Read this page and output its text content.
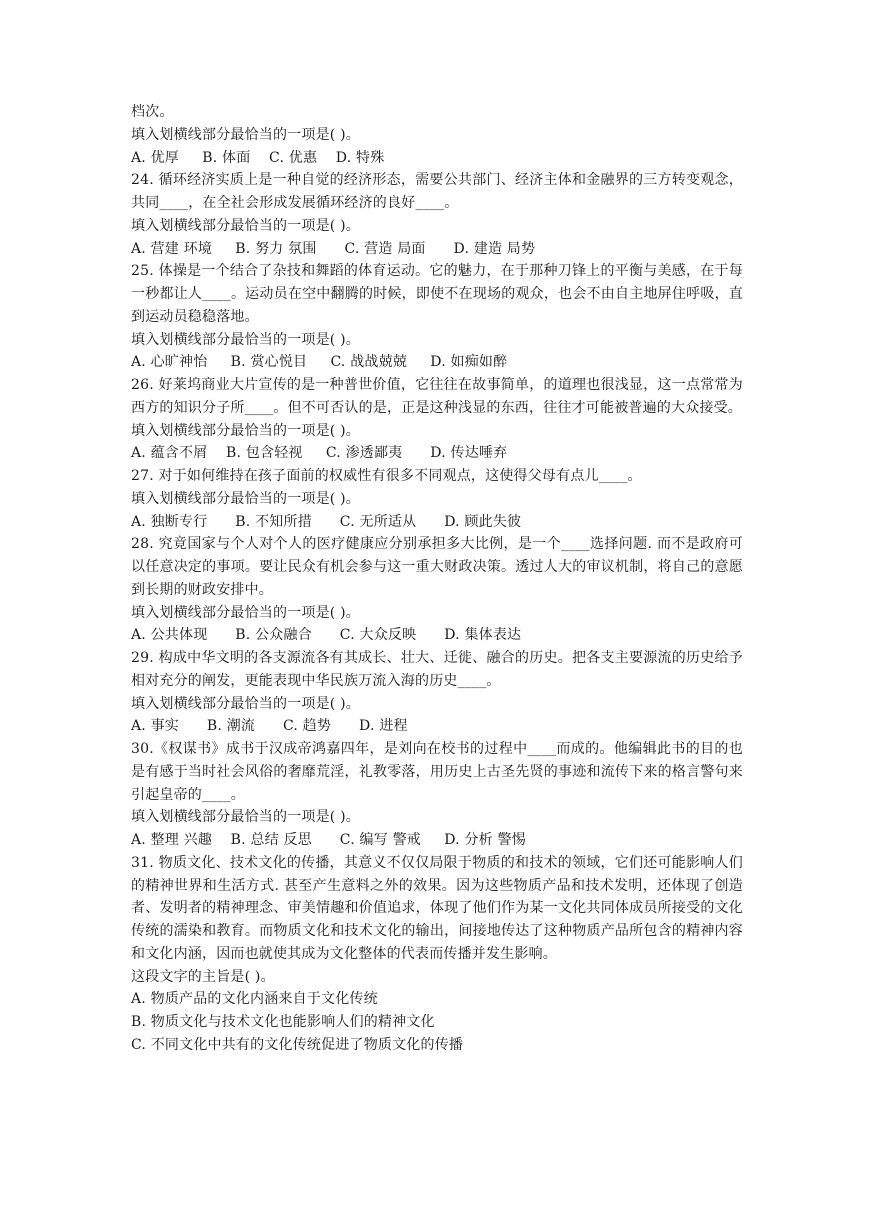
档次。
填入划横线部分最恰当的一项是( )。
A. 优厚     B. 体面    C. 优惠    D. 特殊
24. 循环经济实质上是一种自觉的经济形态，需要公共部门、经济主体和金融界的三方转变观念，共同____，在全社会形成发展循环经济的良好____。
填入划横线部分最恰当的一项是( )。
A. 营建 环境     B. 努力 氛围      C. 营造 局面      D. 建造 局势
25. 体操是一个结合了杂技和舞蹈的体育运动。它的魅力，在于那种刀锋上的平衡与美感，在于每一秒都让人____。运动员在空中翻腾的时候，即使不在现场的观众，也会不由自主地屏住呼吸，直到运动员稳稳落地。
填入划横线部分最恰当的一项是( )。
A. 心旷神怡     B. 赏心悦目     C. 战战兢兢     D. 如痴如醉
26. 好莱坞商业大片宣传的是一种普世价值，它往往在故事简单，的道理也很浅显，这一点常常为西方的知识分子所____。但不可否认的是，正是这种浅显的东西，往往才可能被普遍的大众接受。
填入划横线部分最恰当的一项是( )。
A. 蕴含不屑    B. 包含轻视     C. 渗透鄙夷      D. 传达唾弃
27. 对于如何维持在孩子面前的权威性有很多不同观点，这使得父母有点儿____。
填入划横线部分最恰当的一项是( )。
A. 独断专行      B. 不知所措      C. 无所适从      D. 顾此失彼
28. 究竟国家与个人对个人的医疗健康应分别承担多大比例，是一个____选择问题. 而不是政府可以任意决定的事项。要让民众有机会参与这一重大财政决策。透过人大的审议机制，将自己的意愿到长期的财政安排中。
填入划横线部分最恰当的一项是( )。
A. 公共体现      B. 公众融合      C. 大众反映      D. 集体表达
29. 构成中华文明的各支源流各有其成长、壮大、迁徙、融合的历史。把各支主要源流的历史给予相对充分的阐发，更能表现中华民族万流入海的历史____。
填入划横线部分最恰当的一项是( )。
A. 事实      B. 潮流      C. 趋势      D. 进程
30.《权谋书》成书于汉成帝鸿嘉四年，是刘向在校书的过程中____而成的。他编辑此书的目的也是有感于当时社会风俗的奢靡荒淫，礼教零落，用历史上古圣先贤的事迹和流传下来的格言警句来引起皇帝的____。
填入划横线部分最恰当的一项是( )。
A. 整理 兴趣    B. 总结 反思      C. 编写 警戒     D. 分析 警惕
31. 物质文化、技术文化的传播，其意义不仅仅局限于物质的和技术的领域，它们还可能影响人们的精神世界和生活方式. 甚至产生意料之外的效果。因为这些物质产品和技术发明，还体现了创造者、发明者的精神理念、审美情趣和价值追求，体现了他们作为某一文化共同体成员所接受的文化传统的濡染和教育。而物质文化和技术文化的输出，间接地传达了这种物质产品所包含的精神内容和文化内涵，因而也就使其成为文化整体的代表而传播并发生影响。
这段文字的主旨是( )。
A. 物质产品的文化内涵来自于文化传统
B. 物质文化与技术文化也能影响人们的精神文化
C. 不同文化中共有的文化传统促进了物质文化的传播
